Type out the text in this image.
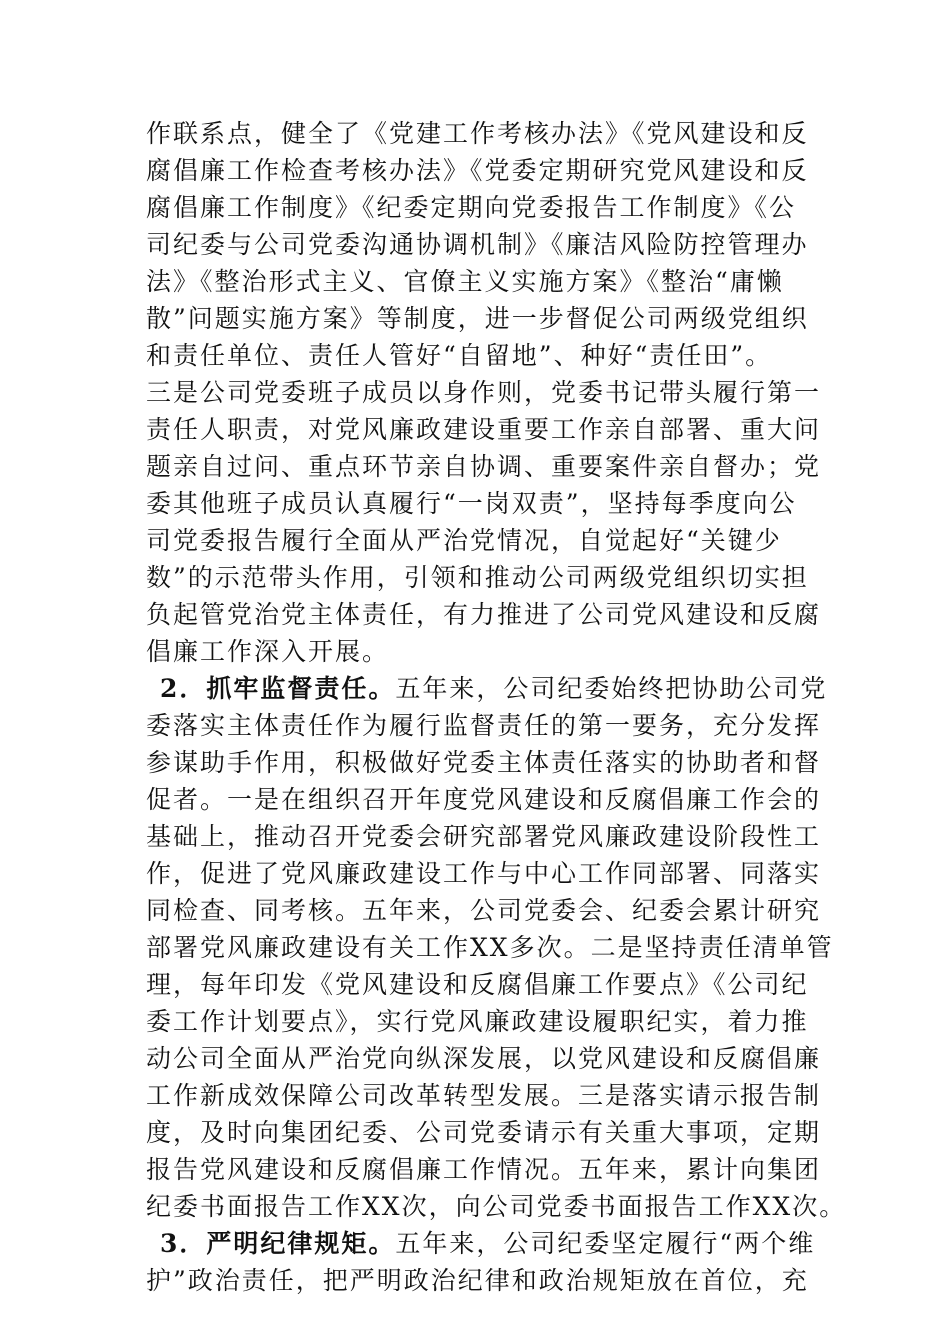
作联系点，健全了《党建工作考核办法》《党风建设和反
腐倡廉工作检查考核办法》《党委定期研究党风建设和反
腐倡廉工作制度》《纪委定期向党委报告工作制度》《公
司纪委与公司党委沟通协调机制》《廉洁风险防控管理办
法》《整治形式主义、官僚主义实施方案》《整治“庸懒
散”问题实施方案》等制度，进一步督促公司两级党组织
和责任单位、责任人管好“自留地”、种好“责任田”。
三是公司党委班子成员以身作则，党委书记带头履行第一
责任人职责，对党风廉政建设重要工作亲自部署、重大问
题亲自过问、重点环节亲自协调、重要案件亲自督办；党
委其他班子成员认真履行“一岗双责”，坚持每季度向公
司党委报告履行全面从严治党情况，自觉起好“关键少
数”的示范带头作用，引领和推动公司两级党组织切实担
负起管党治党主体责任，有力推进了公司党风建设和反腐
倡廉工作深入开展。
2．抓牢监督责任。五年来，公司纪委始终把协助公司党
委落实主体责任作为履行监督责任的第一要务，充分发挥
参谋助手作用，积极做好党委主体责任落实的协助者和督
促者。一是在组织召开年度党风建设和反腐倡廉工作会的
基础上，推动召开党委会研究部署党风廉政建设阶段性工
作，促进了党风廉政建设工作与中心工作同部署、同落实
同检查、同考核。五年来，公司党委会、纪委会累计研究
部署党风廉政建设有关工作XX多次。二是坚持责任清单管
理，每年印发《党风建设和反腐倡廉工作要点》《公司纪
委工作计划要点》，实行党风廉政建设履职纪实，着力推
动公司全面从严治党向纵深发展，以党风建设和反腐倡廉
工作新成效保障公司改革转型发展。三是落实请示报告制
度，及时向集团纪委、公司党委请示有关重大事项，定期
报告党风建设和反腐倡廉工作情况。五年来，累计向集团
纪委书面报告工作XX次，向公司党委书面报告工作XX次。
3．严明纪律规矩。五年来，公司纪委坚定履行“两个维
护”政治责任，把严明政治纪律和政治规矩放在首位，充
